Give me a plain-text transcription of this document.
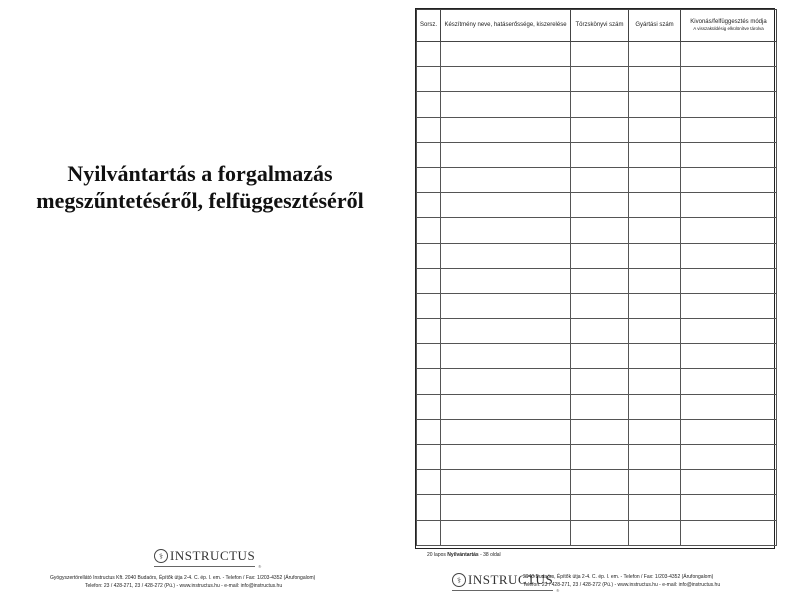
Nyilvántartás a forgalmazás
megszűntetéséről, felfüggesztéséről
⚕ INSTRUCTUS
®
Gyógyszertörellátó Instructus Kft. 2040 Budaörs, Építők útja 2-4. C. ép. I. em. - Telefon / Fax: 1/203-4352 (Árufongalom)
Telefon: 23 / 428-271, 23 / 428-272 (Pü.) - www.instructus.hu - e-mail: info@instructus.hu
Sorsz.	Készítmény neve, hatáserőssége, kiszerelése	Törzskönyvi szám	Gyártási szám	Kivonás/felfüggesztés módja
A visszaküldésig elkülönítve tárolva

20 lapos Nyilvántartás - 38 oldal
⚕ INSTRUCTUS
®
2040 Budaörs, Építők útja 2-4. C. ép. I. em. - Telefon / Fax: 1/203-4352 (Árufongalom)
Telefon: 23 / 428-271, 23 / 428-272 (Pü.) - www.instructus.hu - e-mail: info@instructus.hu
